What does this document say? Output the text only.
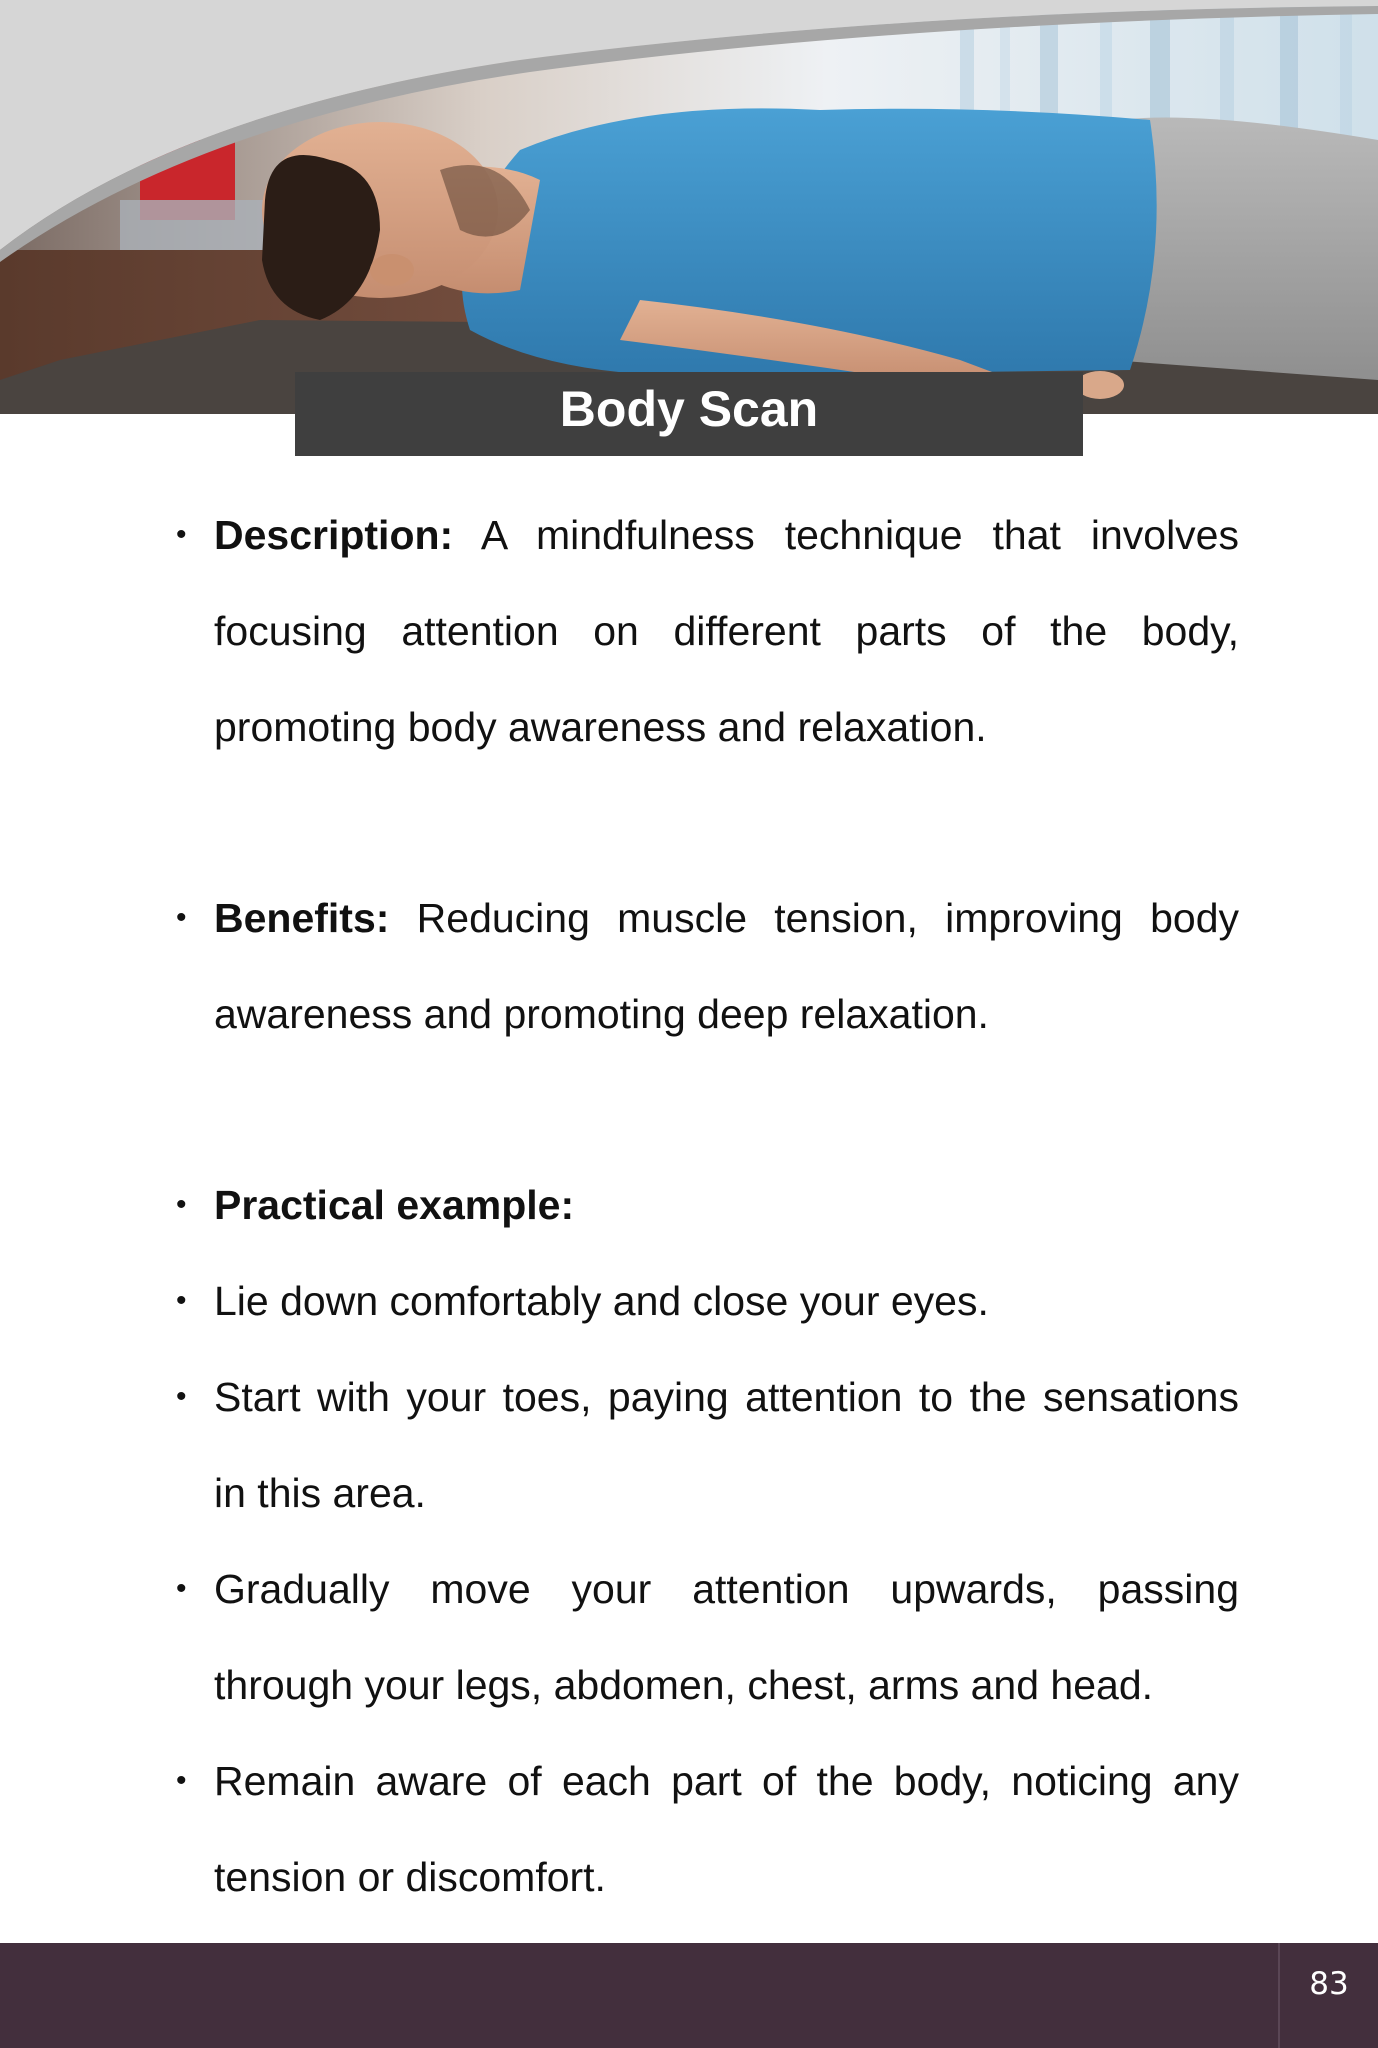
Body Scan
• Description: A mindfulness technique that involves focusing attention on different parts of the body, promoting body awareness and relaxation.
• Benefits: Reducing muscle tension, improving body awareness and promoting deep relaxation.
• Practical example:
• Lie down comfortably and close your eyes.
• Start with your toes, paying attention to the sensations in this area.
• Gradually move your attention upwards, passing through your legs, abdomen, chest, arms and head.
• Remain aware of each part of the body, noticing any tension or discomfort.
83
